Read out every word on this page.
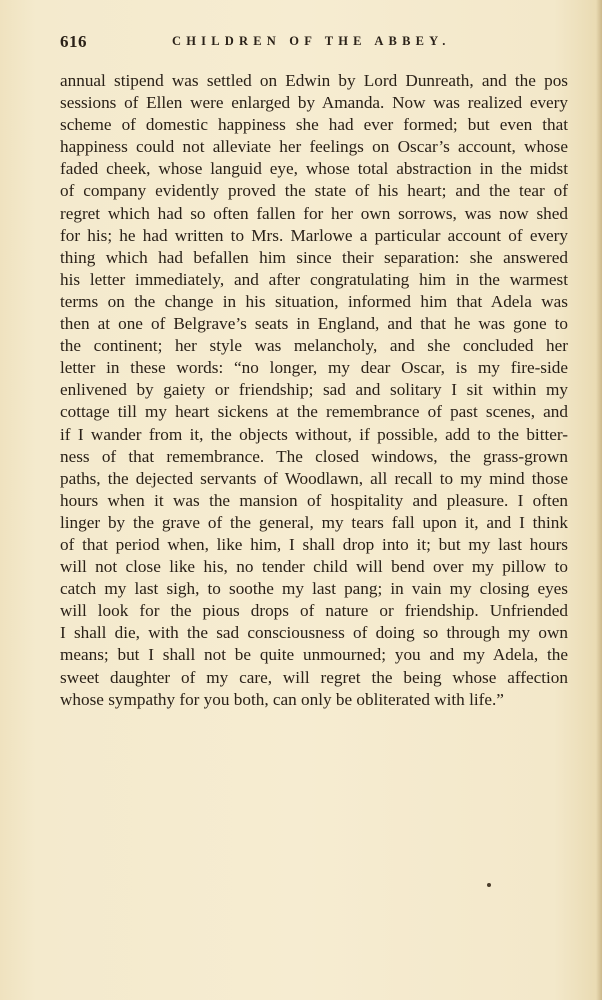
616	CHILDREN OF THE ABBEY.
annual stipend was settled on Edwin by Lord Dunreath, and the pos
sessions of Ellen were enlarged by Amanda. Now was realized every
scheme of domestic happiness she had ever formed; but even that
happiness could not alleviate her feelings on Oscar’s account, whose
faded cheek, whose languid eye, whose total abstraction in the midst
of company evidently proved the state of his heart; and the tear of
regret which had so often fallen for her own sorrows, was now shed
for his; he had written to Mrs. Marlowe a particular account of every
thing which had befallen him since their separation: she answered
his letter immediately, and after congratulating him in the warmest
terms on the change in his situation, informed him that Adela was
then at one of Belgrave’s seats in England, and that he was gone to
the continent; her style was melancholy, and she concluded her
letter in these words: “no longer, my dear Oscar, is my fire-side
enlivened by gaiety or friendship; sad and solitary I sit within my
cottage till my heart sickens at the remembrance of past scenes, and
if I wander from it, the objects without, if possible, add to the bitter-
ness of that remembrance. The closed windows, the grass-grown
paths, the dejected servants of Woodlawn, all recall to my mind those
hours when it was the mansion of hospitality and pleasure. I often
linger by the grave of the general, my tears fall upon it, and I think
of that period when, like him, I shall drop into it; but my last hours
will not close like his, no tender child will bend over my pillow to
catch my last sigh, to soothe my last pang; in vain my closing eyes
will look for the pious drops of nature or friendship. Unfriended
I shall die, with the sad consciousness of doing so through my own
means; but I shall not be quite unmourned; you and my Adela, the
sweet daughter of my care, will regret the being whose affection
whose sympathy for you both, can only be obliterated with life.”
